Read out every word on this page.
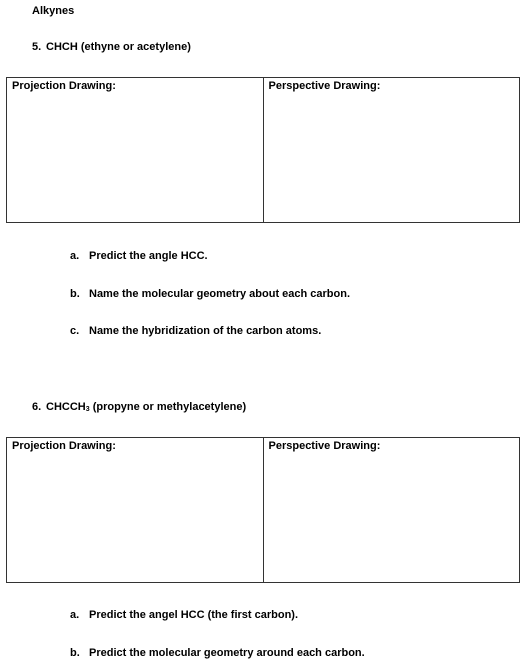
Alkynes
5. CHCH (ethyne or acetylene)
Projection Drawing:	Perspective Drawing:
a. Predict the angle HCC.
b. Name the molecular geometry about each carbon.
c. Name the hybridization of the carbon atoms.
6. $CHCCH_3$ (propyne or methylacetylene)
Projection Drawing:	Perspective Drawing:
a. Predict the angel HCC (the first carbon).
b. Predict the molecular geometry around each carbon.
